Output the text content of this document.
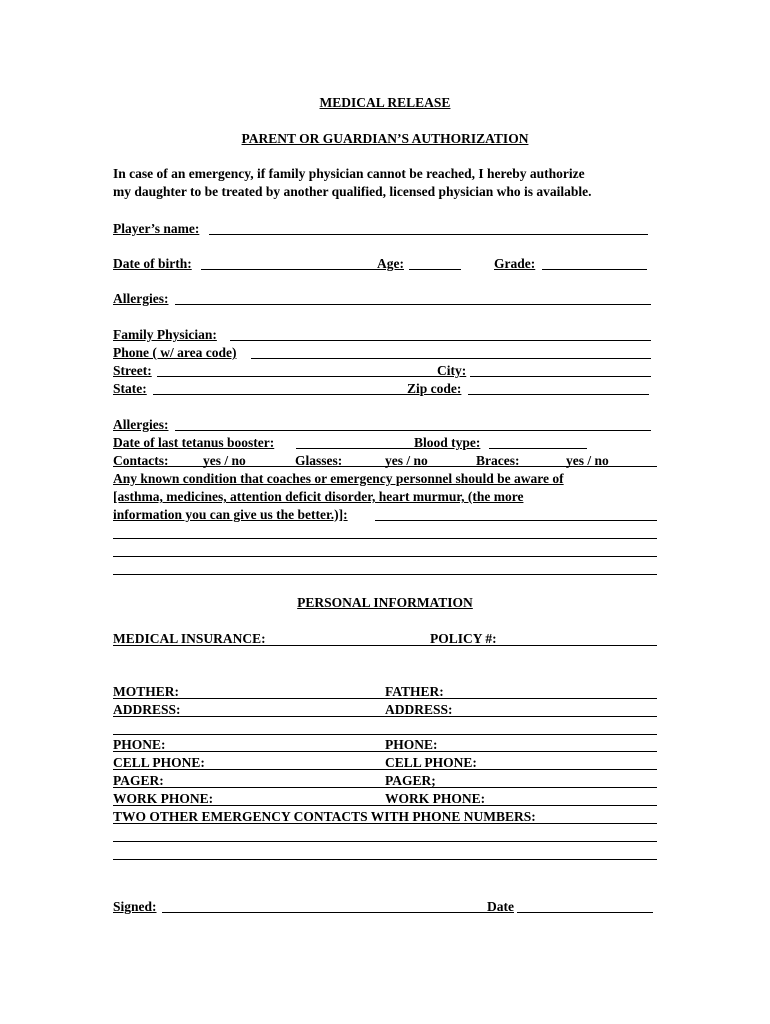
MEDICAL RELEASE
PARENT OR GUARDIAN’S AUTHORIZATION
In case of an emergency, if family physician cannot be reached, I hereby authorize
my daughter to be treated by another qualified, licensed physician who is available.
Player’s name:
Date of birth:	Age:	Grade:
Allergies:
Family Physician:
Phone ( w/ area code)
Street:	City:
State:	Zip code:
Allergies:
Date of last tetanus booster:	Blood type:
Contacts:	yes / no	Glasses:	yes / no	Braces:	yes / no
Any known condition that coaches or emergency personnel should be aware of
[asthma, medicines, attention deficit disorder, heart murmur, (the more
information you can give us the better.)]:
PERSONAL INFORMATION
MEDICAL INSURANCE:	POLICY #:
MOTHER:	FATHER:
ADDRESS:	ADDRESS:
PHONE:	PHONE:
CELL PHONE:	CELL PHONE:
PAGER:	PAGER;
WORK PHONE:	WORK PHONE:
TWO OTHER EMERGENCY CONTACTS WITH PHONE NUMBERS:
Signed:	Date
